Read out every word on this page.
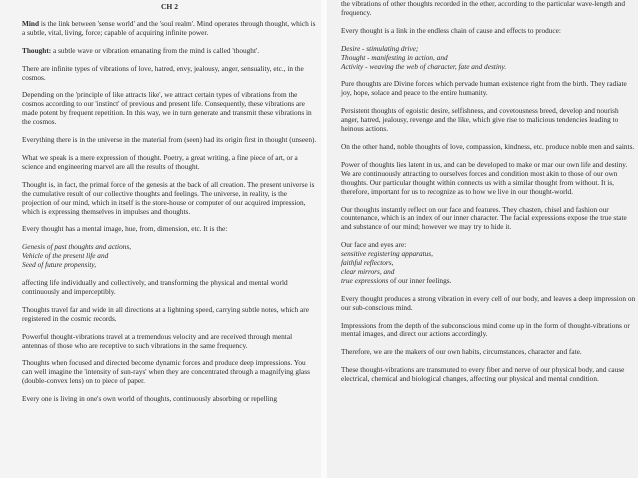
CH 2

Mind is the link between 'sense world' and the 'soul realm'. Mind operates through thought, which is a subtle, vital, living, force; capable of acquiring infinite power.

Thought: a subtle wave or vibration emanating from the mind is called 'thought'.

There are infinite types of vibrations of love, hatred, envy, jealousy, anger, sensuality, etc., in the cosmos.

Depending on the 'principle of like attracts like', we attract certain types of vibrations from the cosmos according to our 'instinct' of previous and present life. Consequently, these vibrations are made potent by frequent repetition. In this way, we in turn generate and transmit these vibrations in the cosmos.

Everything there is in the universe in the material from (seen) had its origin first in thought (unseen).

What we speak is a mere expression of thought. Poetry, a great writing, a fine piece of art, or a science and engineering marvel are all the results of thought.

Thought is, in fact, the primal force of the genesis at the back of all creation. The present universe is the cumulative result of our collective thoughts and feelings. The universe, in reality, is the projection of our mind, which in itself is the store-house or computer of our acquired impression, which is expressing themselves in impulses and thoughts.

Every thought has a mental image, hue, from, dimension, etc. It is the:

Genesis of past thoughts and actions,
Vehicle of the present life and
Seed of future propensity,

affecting life individually and collectively, and transforming the physical and mental world continuously and imperceptibly.

Thoughts travel far and wide in all directions at a lightning speed, carrying subtle notes, which are registered in the cosmic records.

Powerful thought-vibrations travel at a tremendous velocity and are received through mental antennas of those who are receptive to such vibrations in the same frequency.

Thoughts when focused and directed become dynamic forces and produce deep impressions. You can well imagine the 'intensity of sun-rays' when they are concentrated through a magnifying glass (double-convex lens) on to piece of paper.

Every one is living in one's own world of thoughts, continuously absorbing or repelling

the vibrations of other thoughts recorded in the ether, according to the particular wave-length and frequency.

Every thought is a link in the endless chain of cause and effects to produce:

Desire - stimulating drive;
Thought - manifesting in action, and
Activity - weaving the web of character, fate and destiny.

Pure thoughts are Divine forces which pervade human existence right from the birth. They radiate joy, hope, solace and peace to the entire humanity.

Persistent thoughts of egoistic desire, selfishness, and covetousness breed, develop and nourish anger, hatred, jealousy, revenge and the like, which give rise to malicious tendencies leading to heinous actions.

On the other hand, noble thoughts of love, compassion, kindness, etc. produce noble men and saints.

Power of thoughts lies latent in us, and can be developed to make or mar our own life and destiny. We are continuously attracting to ourselves forces and condition most akin to those of our own thoughts. Our particular thought within connects us with a similar thought from without. It is, therefore, important for us to recognize as to how we live in our thought-world.

Our thoughts instantly reflect on our face and features. They chasten, chisel and fashion our countenance, which is an index of our inner character. The facial expressions expose the true state and substance of our mind; however we may try to hide it.

Our face and eyes are:

sensitive registering apparatus,
faithful reflectors,
clear mirrors, and
true expressions of our inner feelings.

Every thought produces a strong vibration in every cell of our body, and leaves a deep impression on our sub-conscious mind.

Impressions from the depth of the subconscious mind come up in the form of thought-vibrations or mental images, and direct our actions accordingly.

Therefore, we are the makers of our own habits, circumstances, character and fate.

These thought-vibrations are transmuted to every fiber and nerve of our physical body, and cause electrical, chemical and biological changes, affecting our physical and mental condition.
